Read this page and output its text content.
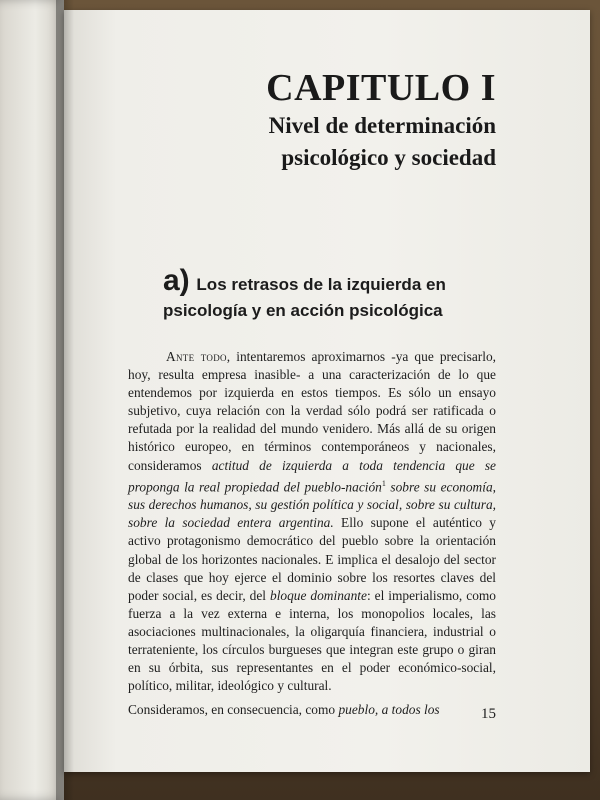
CAPITULO I
Nivel de determinación
psicológico y sociedad
a) Los retrasos de la izquierda en
psicología y en acción psicológica

Ante todo, intentaremos aproximarnos -ya que precisarlo, hoy, resulta empresa inasible- a una caracterización de lo que entendemos por izquierda en estos tiempos. Es sólo un ensayo subjetivo, cuya relación con la verdad sólo podrá ser ratificada o refutada por la realidad del mundo venidero. Más allá de su origen histórico europeo, en términos contemporáneos y nacionales, consideramos actitud de izquierda a toda tendencia que se proponga la real propiedad del pueblo-nación$^1$ sobre su economía, sus derechos humanos, su gestión política y social, sobre su cultura, sobre la sociedad entera argentina. Ello supone el auténtico y activo protagonismo democrático del pueblo sobre la orientación global de los horizontes nacionales. E implica el desalojo del sector de clases que hoy ejerce el dominio sobre los resortes claves del poder social, es decir, del bloque dominante: el imperialismo, como fuerza a la vez externa e interna, los monopolios locales, las asociaciones multinacionales, la oligarquía financiera, industrial o terrateniente, los círculos burgueses que integran este grupo o giran en su órbita, sus representantes en el poder económico-social, político, militar, ideológico y cultural.

Consideramos, en consecuencia, como pueblo, a todos los	15
